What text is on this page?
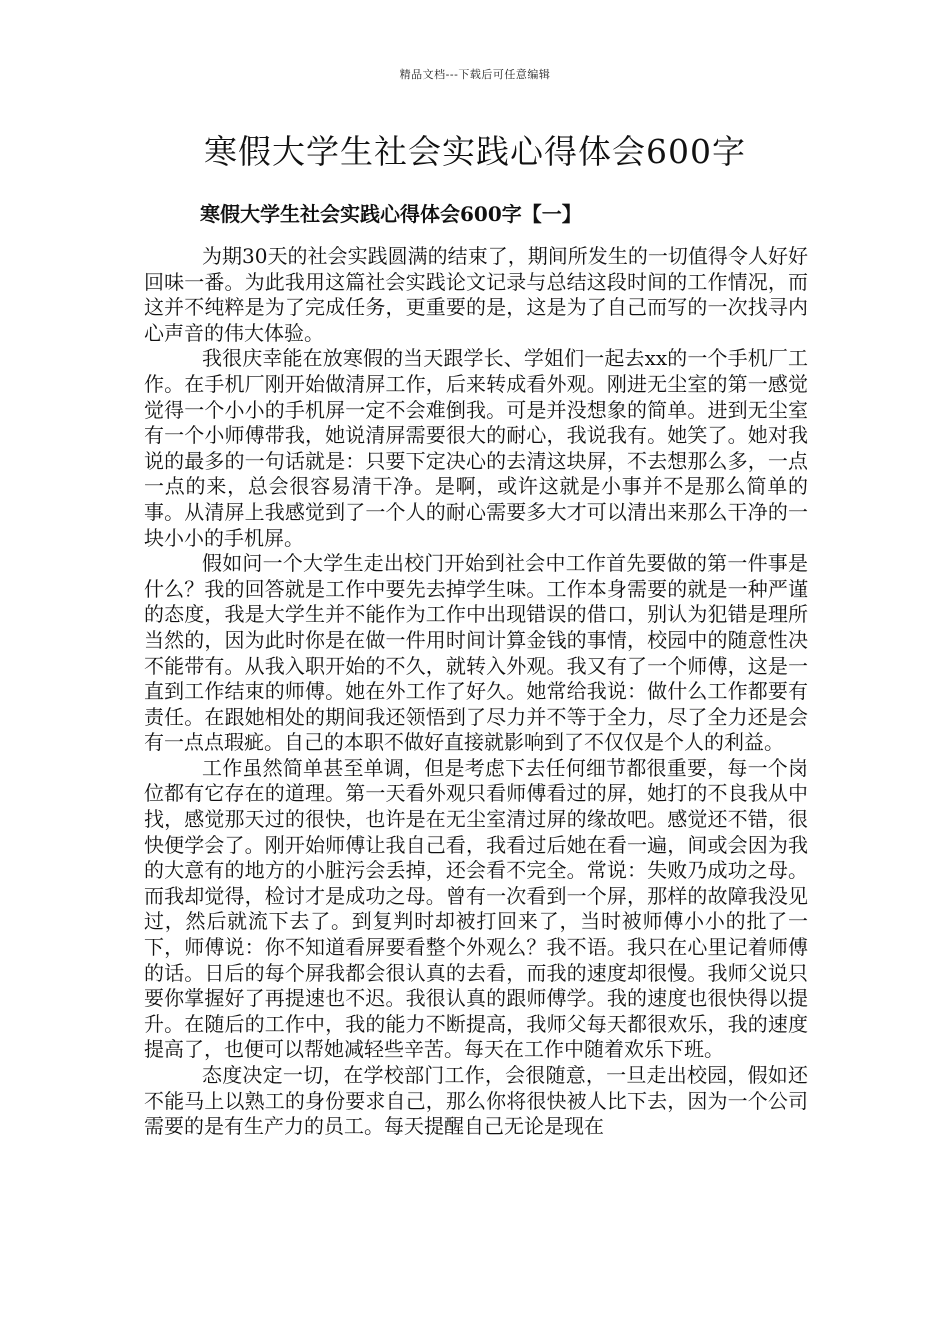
精品文档---下载后可任意编辑
寒假大学生社会实践心得体会600字
寒假大学生社会实践心得体会600字【一】

为期30天的社会实践圆满的结束了，期间所发生的一切值得令人好好回味一番。为此我用这篇社会实践论文记录与总结这段时间的工作情况，而这并不纯粹是为了完成任务，更重要的是，这是为了自己而写的一次找寻内心声音的伟大体验。

我很庆幸能在放寒假的当天跟学长、学姐们一起去xx的一个手机厂工作。在手机厂刚开始做清屏工作，后来转成看外观。刚进无尘室的第一感觉觉得一个小小的手机屏一定不会难倒我。可是并没想象的简单。进到无尘室有一个小师傅带我，她说清屏需要很大的耐心，我说我有。她笑了。她对我说的最多的一句话就是：只要下定决心的去清这块屏，不去想那么多，一点一点的来，总会很容易清干净。是啊，或许这就是小事并不是那么简单的事。从清屏上我感觉到了一个人的耐心需要多大才可以清出来那么干净的一块小小的手机屏。

假如问一个大学生走出校门开始到社会中工作首先要做的第一件事是什么？我的回答就是工作中要先去掉学生味。工作本身需要的就是一种严谨的态度，我是大学生并不能作为工作中出现错误的借口，别认为犯错是理所当然的，因为此时你是在做一件用时间计算金钱的事情，校园中的随意性决不能带有。从我入职开始的不久，就转入外观。我又有了一个师傅，这是一直到工作结束的师傅。她在外工作了好久。她常给我说：做什么工作都要有责任。在跟她相处的期间我还领悟到了尽力并不等于全力，尽了全力还是会有一点点瑕疵。自己的本职不做好直接就影响到了不仅仅是个人的利益。

工作虽然简单甚至单调，但是考虑下去任何细节都很重要，每一个岗位都有它存在的道理。第一天看外观只看师傅看过的屏，她打的不良我从中找，感觉那天过的很快，也许是在无尘室清过屏的缘故吧。感觉还不错，很快便学会了。刚开始师傅让我自己看，我看过后她在看一遍，间或会因为我的大意有的地方的小脏污会丢掉，还会看不完全。常说：失败乃成功之母。而我却觉得，检讨才是成功之母。曾有一次看到一个屏，那样的故障我没见过，然后就流下去了。到复判时却被打回来了，当时被师傅小小的批了一下，师傅说：你不知道看屏要看整个外观么？我不语。我只在心里记着师傅的话。日后的每个屏我都会很认真的去看，而我的速度却很慢。我师父说只要你掌握好了再提速也不迟。我很认真的跟师傅学。我的速度也很快得以提升。在随后的工作中，我的能力不断提高，我师父每天都很欢乐，我的速度提高了，也便可以帮她减轻些辛苦。每天在工作中随着欢乐下班。

态度决定一切，在学校部门工作，会很随意，一旦走出校园，假如还不能马上以熟工的身份要求自己，那么你将很快被人比下去，因为一个公司需要的是有生产力的员工。每天提醒自己无论是现在
